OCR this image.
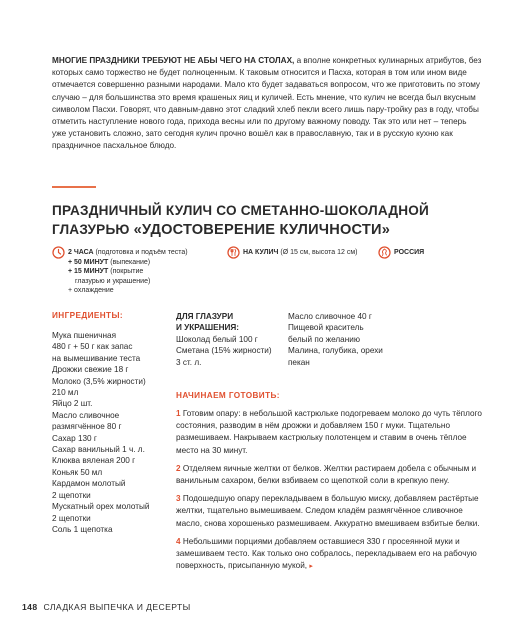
МНОГИЕ ПРАЗДНИКИ ТРЕБУЮТ НЕ АБЫ ЧЕГО НА СТОЛАХ, а вполне конкретных кулинарных атрибутов, без которых само торжество не будет полноценным. К таковым относится и Пасха, которая в том или ином виде отмечается совершенно разными народами. Мало кто будет задаваться вопросом, что же приготовить по этому случаю – для большинства это время крашеных яиц и куличей. Есть мнение, что кулич не всегда был вкусным символом Пасхи. Говорят, что давным-давно этот сладкий хлеб пекли всего лишь пару-тройку раз в году, чтобы отметить наступление нового года, прихода весны или по другому важному поводу. Так это или нет – теперь уже установить сложно, зато сегодня кулич прочно вошёл как в православную, так и в русскую кухню как праздничное пасхальное блюдо.
ПРАЗДНИЧНЫЙ КУЛИЧ СО СМЕТАННО-ШОКОЛАДНОЙ
ГЛАЗУРЬЮ «УДОСТОВЕРЕНИЕ КУЛИЧНОСТИ»
2 ЧАСА (подготовка и подъём теста)
+ 50 МИНУТ (выпекание)
+ 15 МИНУТ (покрытие
глазурью и украшение)
+ охлаждение
НА КУЛИЧ (Ø 15 см, высота 12 см)	РОССИЯ
ИНГРЕДИЕНТЫ:
Мука пшеничная
480 г + 50 г как запас
на вымешивание теста
Дрожжи свежие 18 г
Молоко (3,5% жирности)
210 мл
Яйцо 2 шт.
Масло сливочное
размягчённое 80 г
Сахар 130 г
Сахар ванильный 1 ч. л.
Клюква вяленая 200 г
Коньяк 50 мл
Кардамон молотый
2 щепотки
Мускатный орех молотый
2 щепотки
Соль 1 щепотка
ДЛЯ ГЛАЗУРИ
И УКРАШЕНИЯ:
Шоколад белый 100 г
Сметана (15% жирности)
3 ст. л.
Масло сливочное 40 г
Пищевой краситель
белый по желанию
Малина, голубика, орехи
пекан
НАЧИНАЕМ ГОТОВИТЬ:

1 Готовим опару: в небольшой кастрюльке подогреваем молоко до чуть тёплого состояния, разводим в нём дрожжи и добавляем 150 г муки. Тщательно размешиваем. Накрываем кастрюльку полотенцем и ставим в очень тёплое место на 30 минут.

2 Отделяем яичные желтки от белков. Желтки растираем добела с обычным и ванильным сахаром, белки взбиваем со щепоткой соли в крепкую пену.

3 Подошедшую опару перекладываем в большую миску, добавляем растёртые желтки, тщательно вымешиваем. Следом кладём размягчённое сливочное масло, снова хорошенько размешиваем. Аккуратно вмешиваем взбитые белки.

4 Небольшими порциями добавляем оставшиеся 330 г просеянной муки и замешиваем тесто. Как только оно собралось, перекладываем его на рабочую поверхность, присыпанную мукой, ▸

148 СЛАДКАЯ ВЫПЕЧКА И ДЕСЕРТЫ
